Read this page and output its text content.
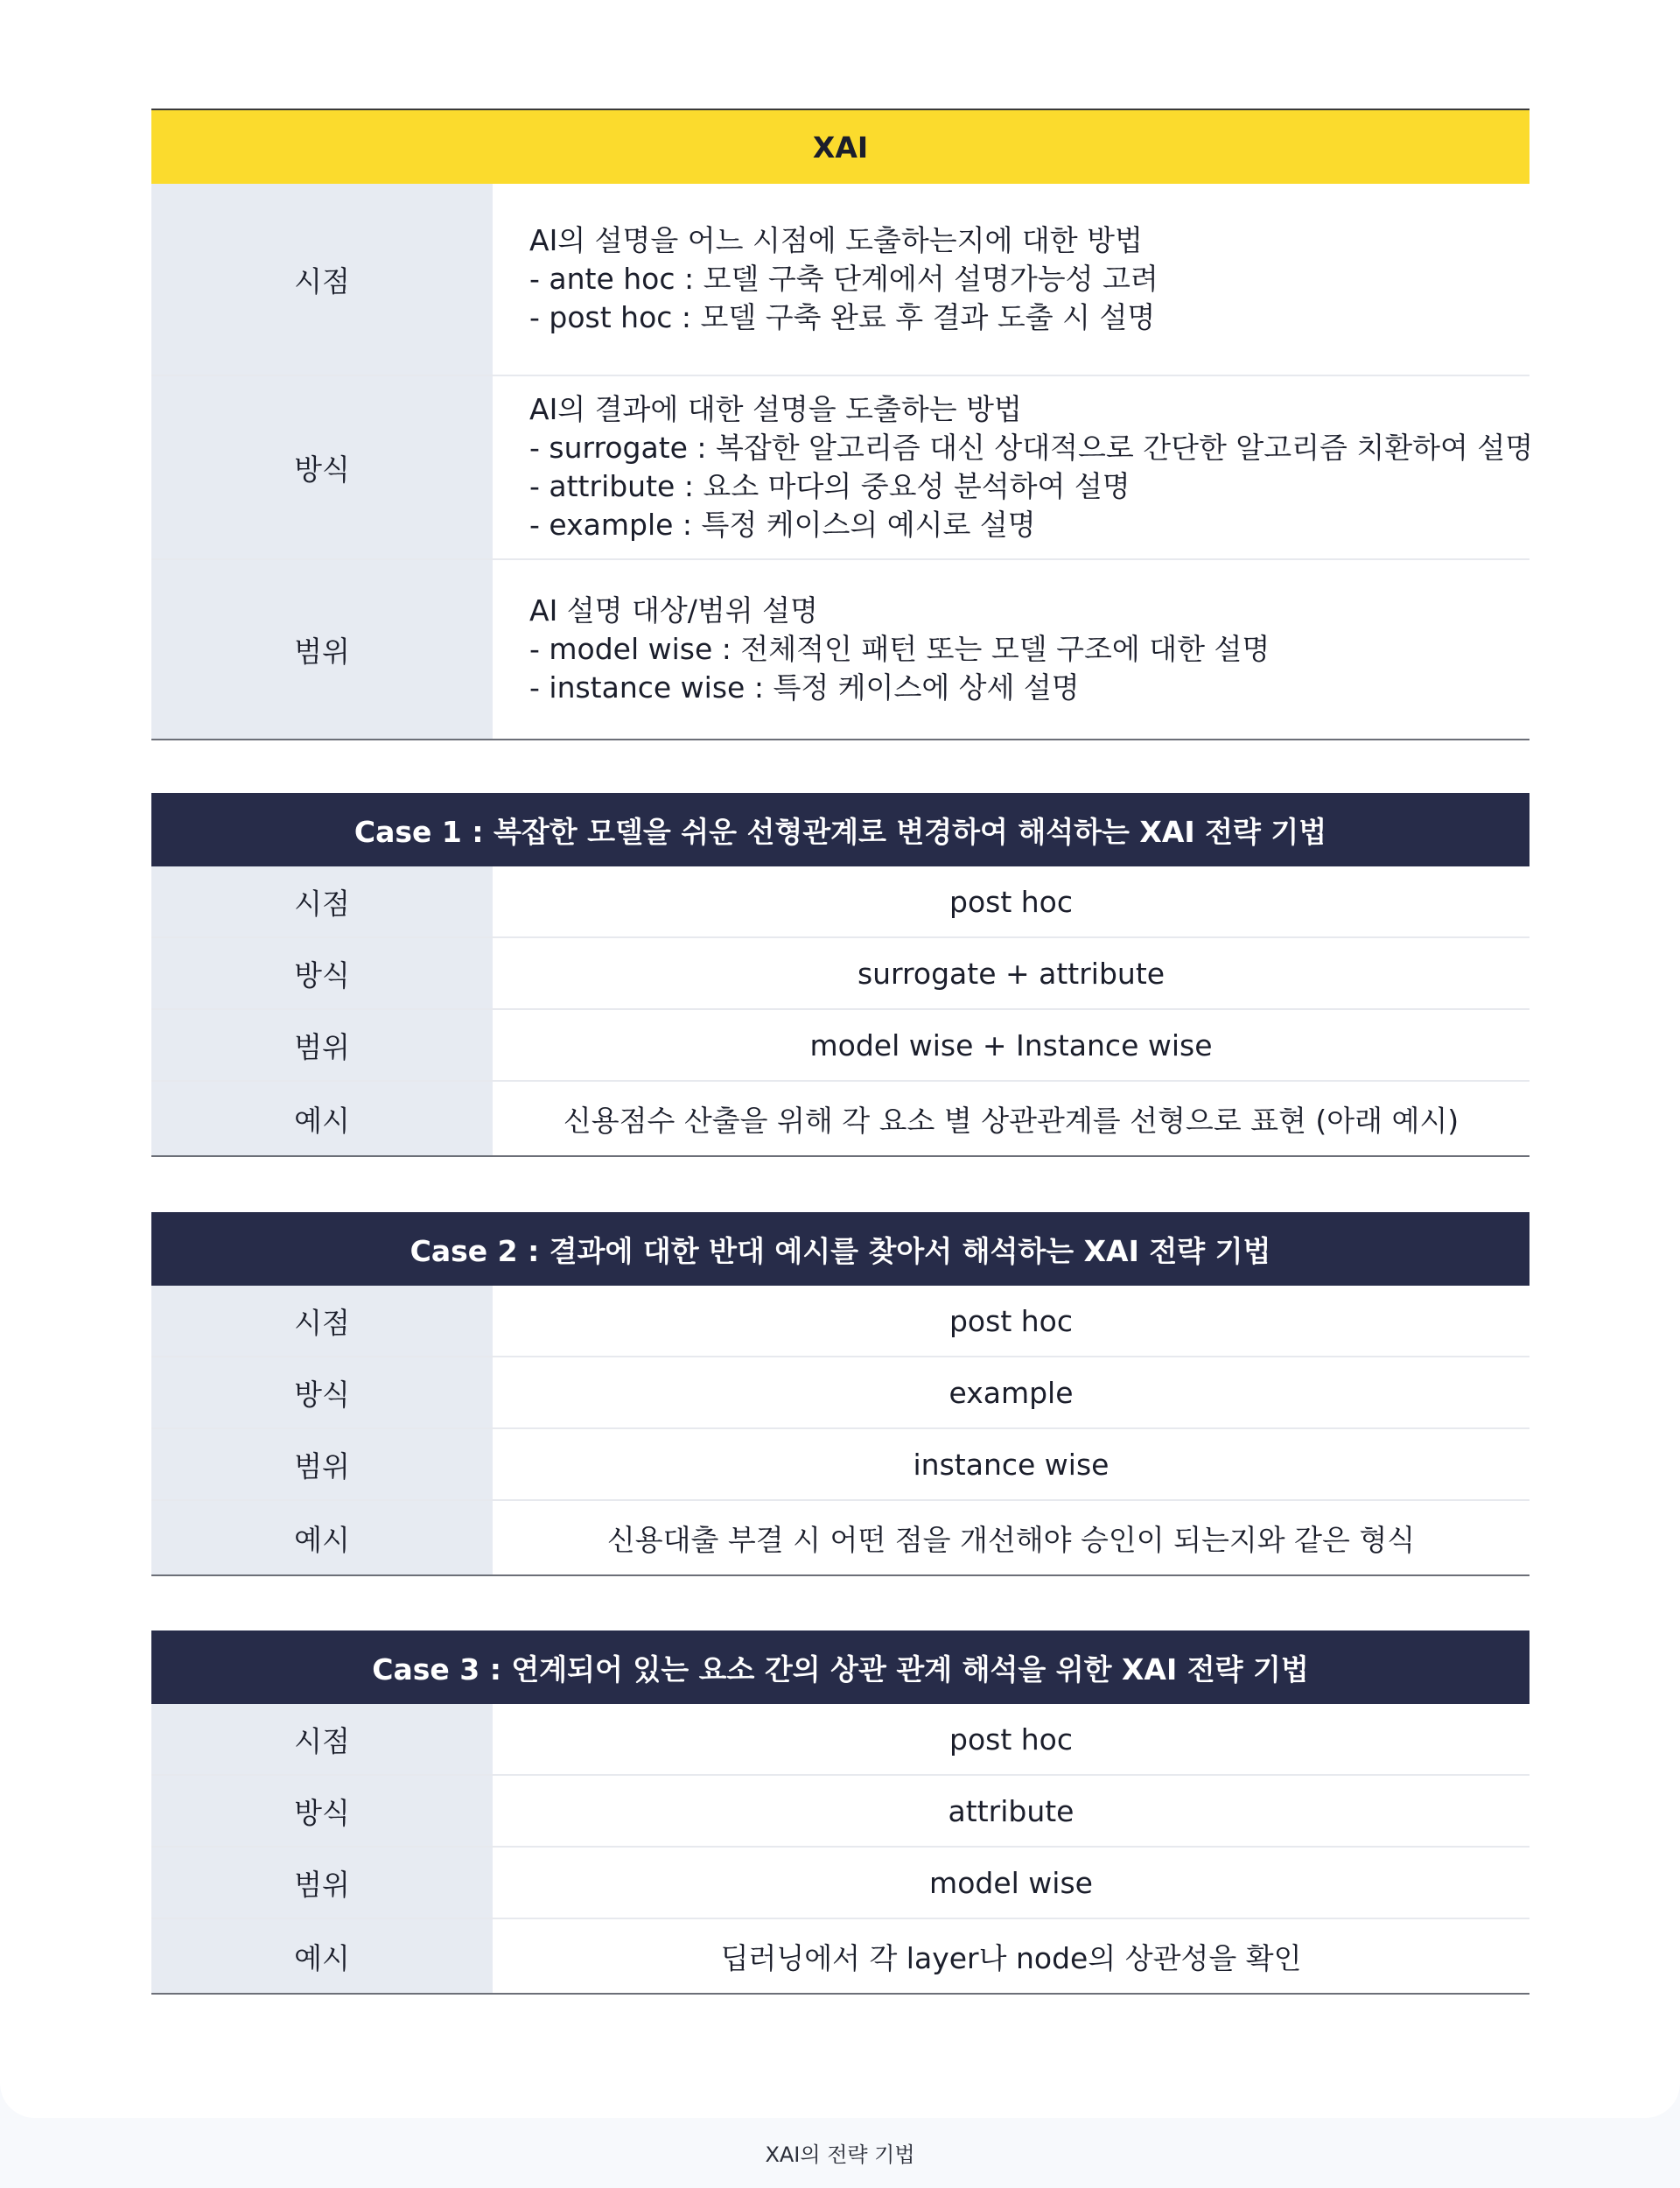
XAI	
시점	AI의 설명을 어느 시점에 도출하는지에 대한 방법
- ante hoc : 모델 구축 단계에서 설명가능성 고려
- post hoc : 모델 구축 완료 후 결과 도출 시 설명

방식	AI의 결과에 대한 설명을 도출하는 방법
- surrogate : 복잡한 알고리즘 대신 상대적으로 간단한 알고리즘 치환하여 설명
- attribute : 요소 마다의 중요성 분석하여 설명
- example : 특정 케이스의 예시로 설명

범위	AI 설명 대상/범위 설명
- model wise : 전체적인 패턴 또는 모델 구조에 대한 설명
- instance wise : 특정 케이스에 상세 설명
Case 1 : 복잡한 모델을 쉬운 선형관계로 변경하여 해석하는 XAI 전략 기법	
시점	post hoc
방식	surrogate + attribute
범위	model wise + Instance wise
예시	신용점수 산출을 위해 각 요소 별 상관관계를 선형으로 표현 (아래 예시)
Case 2 : 결과에 대한 반대 예시를 찾아서 해석하는 XAI 전략 기법	
시점	post hoc
방식	example
범위	instance wise
예시	신용대출 부결 시 어떤 점을 개선해야 승인이 되는지와 같은 형식
Case 3 : 연계되어 있는 요소 간의 상관 관계 해석을 위한 XAI 전략 기법	
시점	post hoc
방식	attribute
범위	model wise
예시	딥러닝에서 각 layer나 node의 상관성을 확인
XAI의 전략 기법
